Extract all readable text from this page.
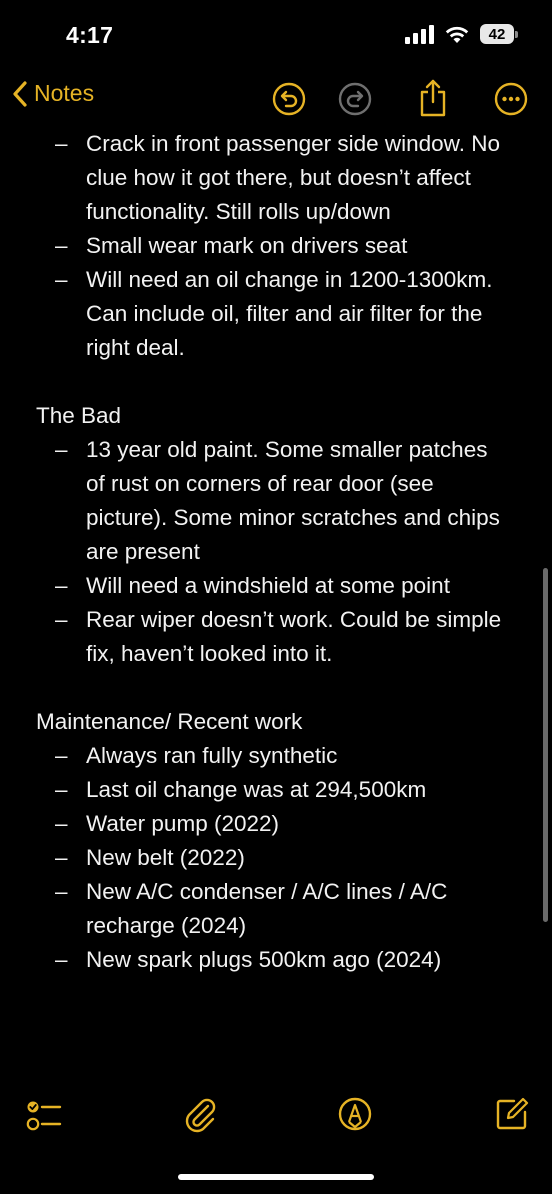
4:17	42
Notes
– Crack in front passenger side window. No clue how it got there, but doesn’t affect functionality. Still rolls up/down
– Small wear mark on drivers seat
– Will need an oil change in 1200-1300km. Can include oil, filter and air filter for the right deal.
The Bad
– 13 year old paint. Some smaller patches of rust on corners of rear door (see picture). Some minor scratches and chips are present
– Will need a windshield at some point
– Rear wiper doesn’t work. Could be simple fix, haven’t looked into it.
Maintenance/ Recent work
– Always ran fully synthetic
– Last oil change was at 294,500km
– Water pump (2022)
– New belt (2022)
– New A/C condenser / A/C lines / A/C recharge (2024)
– New spark plugs 500km ago (2024)
